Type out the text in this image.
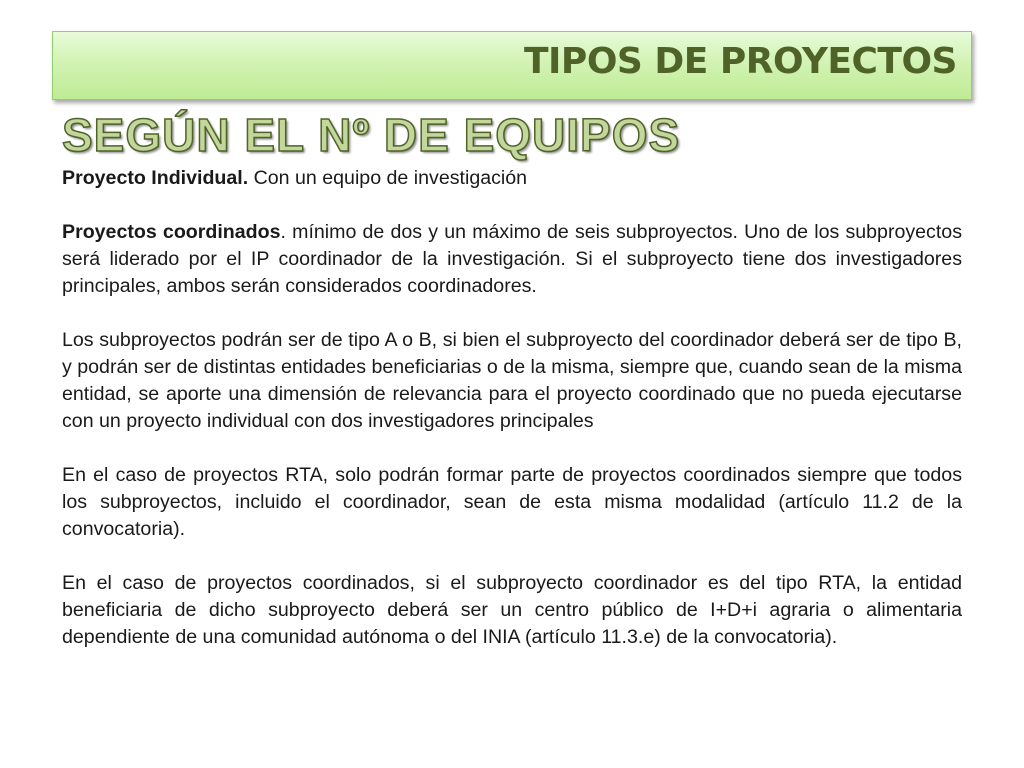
TIPOS DE PROYECTOS
SEGÚN EL Nº DE EQUIPOS

Proyecto Individual. Con un equipo de investigación

Proyectos coordinados. mínimo de dos y un máximo de seis subproyectos. Uno de los subproyectos será liderado por el IP coordinador de la investigación. Si el subproyecto tiene dos investigadores principales, ambos serán considerados coordinadores.

Los subproyectos podrán ser de tipo A o B, si bien el subproyecto del coordinador deberá ser de tipo B, y podrán ser de distintas entidades beneficiarias o de la misma, siempre que, cuando sean de la misma entidad, se aporte una dimensión de relevancia para el proyecto coordinado que no pueda ejecutarse con un proyecto individual con dos investigadores principales

En el caso de proyectos RTA, solo podrán formar parte de proyectos coordinados siempre que todos los subproyectos, incluido el coordinador, sean de esta misma modalidad (artículo 11.2 de la convocatoria).

En el caso de proyectos coordinados, si el subproyecto coordinador es del tipo RTA, la entidad beneficiaria de dicho subproyecto deberá ser un centro público de I+D+i agraria o alimentaria dependiente de una comunidad autónoma o del INIA (artículo 11.3.e) de la convocatoria).
